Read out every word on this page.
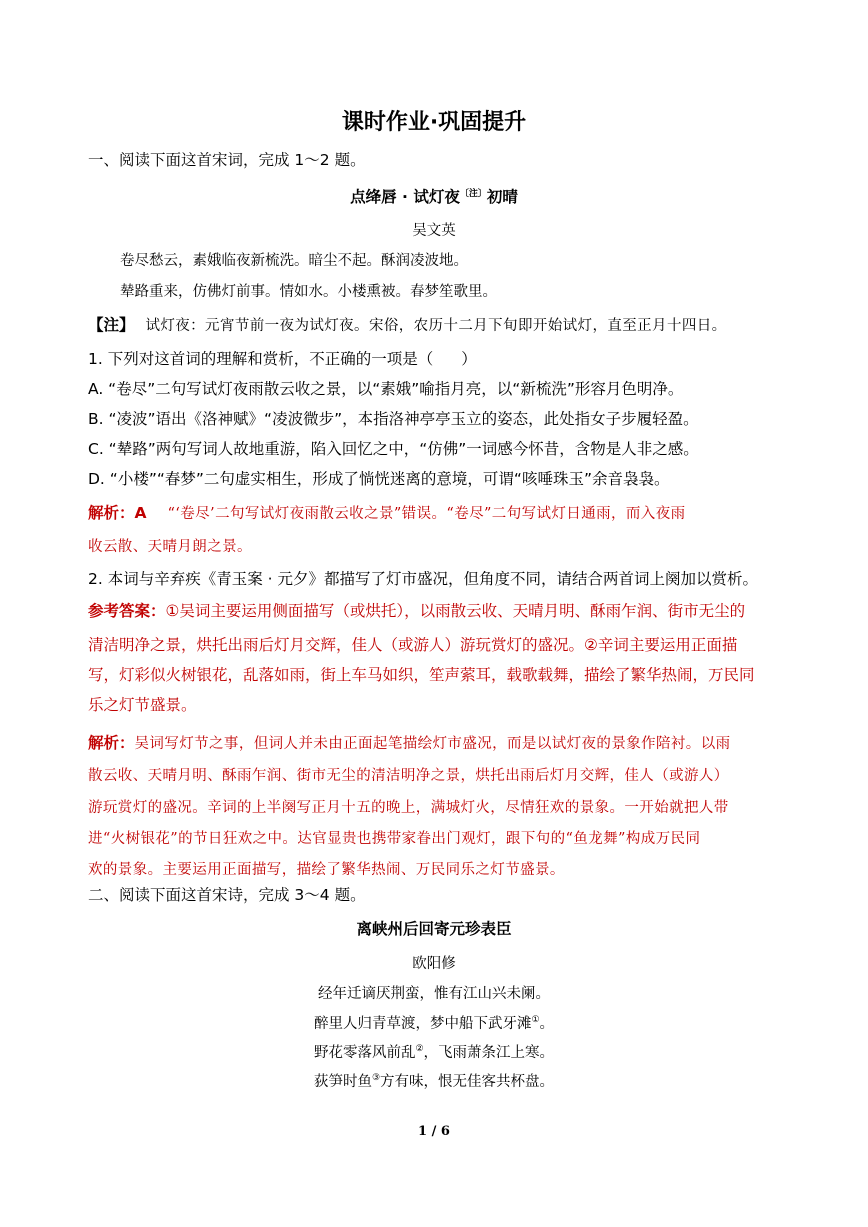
课时作业·巩固提升
一、阅读下面这首宋词，完成 1～2 题。
点绛唇 · 试灯夜$^{〔注〕}$初晴
吴文英
卷尽愁云，素娥临夜新梳洗。暗尘不起。酥润凌波地。
辇路重来，仿佛灯前事。情如水。小楼熏被。春梦笙歌里。
【注】 试灯夜：元宵节前一夜为试灯夜。宋俗，农历十二月下旬即开始试灯，直至正月十四日。
1. 下列对这首词的理解和赏析，不正确的一项是（ ）
A. “卷尽”二句写试灯夜雨散云收之景，以“素娥”喻指月亮，以“新梳洗”形容月色明净。
B. “凌波”语出《洛神赋》“凌波微步”，本指洛神亭亭玉立的姿态，此处指女子步履轻盈。
C. “辇路”两句写词人故地重游，陷入回忆之中，“仿佛”一词感今怀昔，含物是人非之感。
D. “小楼”“春梦”二句虚实相生，形成了惝恍迷离的意境，可谓“咳唾珠玉”余音袅袅。
解析：A “‘卷尽’二句写试灯夜雨散云收之景”错误。“卷尽”二句写试灯日通雨，而入夜雨
收云散、天晴月朗之景。
2. 本词与辛弃疾《青玉案 · 元夕》都描写了灯市盛况，但角度不同，请结合两首词上阕加以赏析。
参考答案：①吴词主要运用侧面描写（或烘托），以雨散云收、天晴月明、酥雨乍润、街市无尘的
清洁明净之景，烘托出雨后灯月交辉，佳人（或游人）游玩赏灯的盛况。②辛词主要运用正面描
写，灯彩似火树银花，乱落如雨，街上车马如织，笙声萦耳，载歌载舞，描绘了繁华热闹，万民同
乐之灯节盛景。
解析：吴词写灯节之事，但词人并未由正面起笔描绘灯市盛况，而是以试灯夜的景象作陪衬。以雨
散云收、天晴月明、酥雨乍润、街市无尘的清洁明净之景，烘托出雨后灯月交辉，佳人（或游人）
游玩赏灯的盛况。辛词的上半阕写正月十五的晚上，满城灯火，尽情狂欢的景象。一开始就把人带
进“火树银花”的节日狂欢之中。达官显贵也携带家眷出门观灯，跟下句的“鱼龙舞”构成万民同
欢的景象。主要运用正面描写，描绘了繁华热闹、万民同乐之灯节盛景。
二、阅读下面这首宋诗，完成 3～4 题。
离峡州后回寄元珍表臣
欧阳修
经年迁谪厌荆蛮，惟有江山兴未阑。
醉里人归青草渡，梦中船下武牙滩①。
野花零落风前乱②，飞雨萧条江上寒。
荻笋时鱼③方有味，恨无佳客共杯盘。
1 / 6
